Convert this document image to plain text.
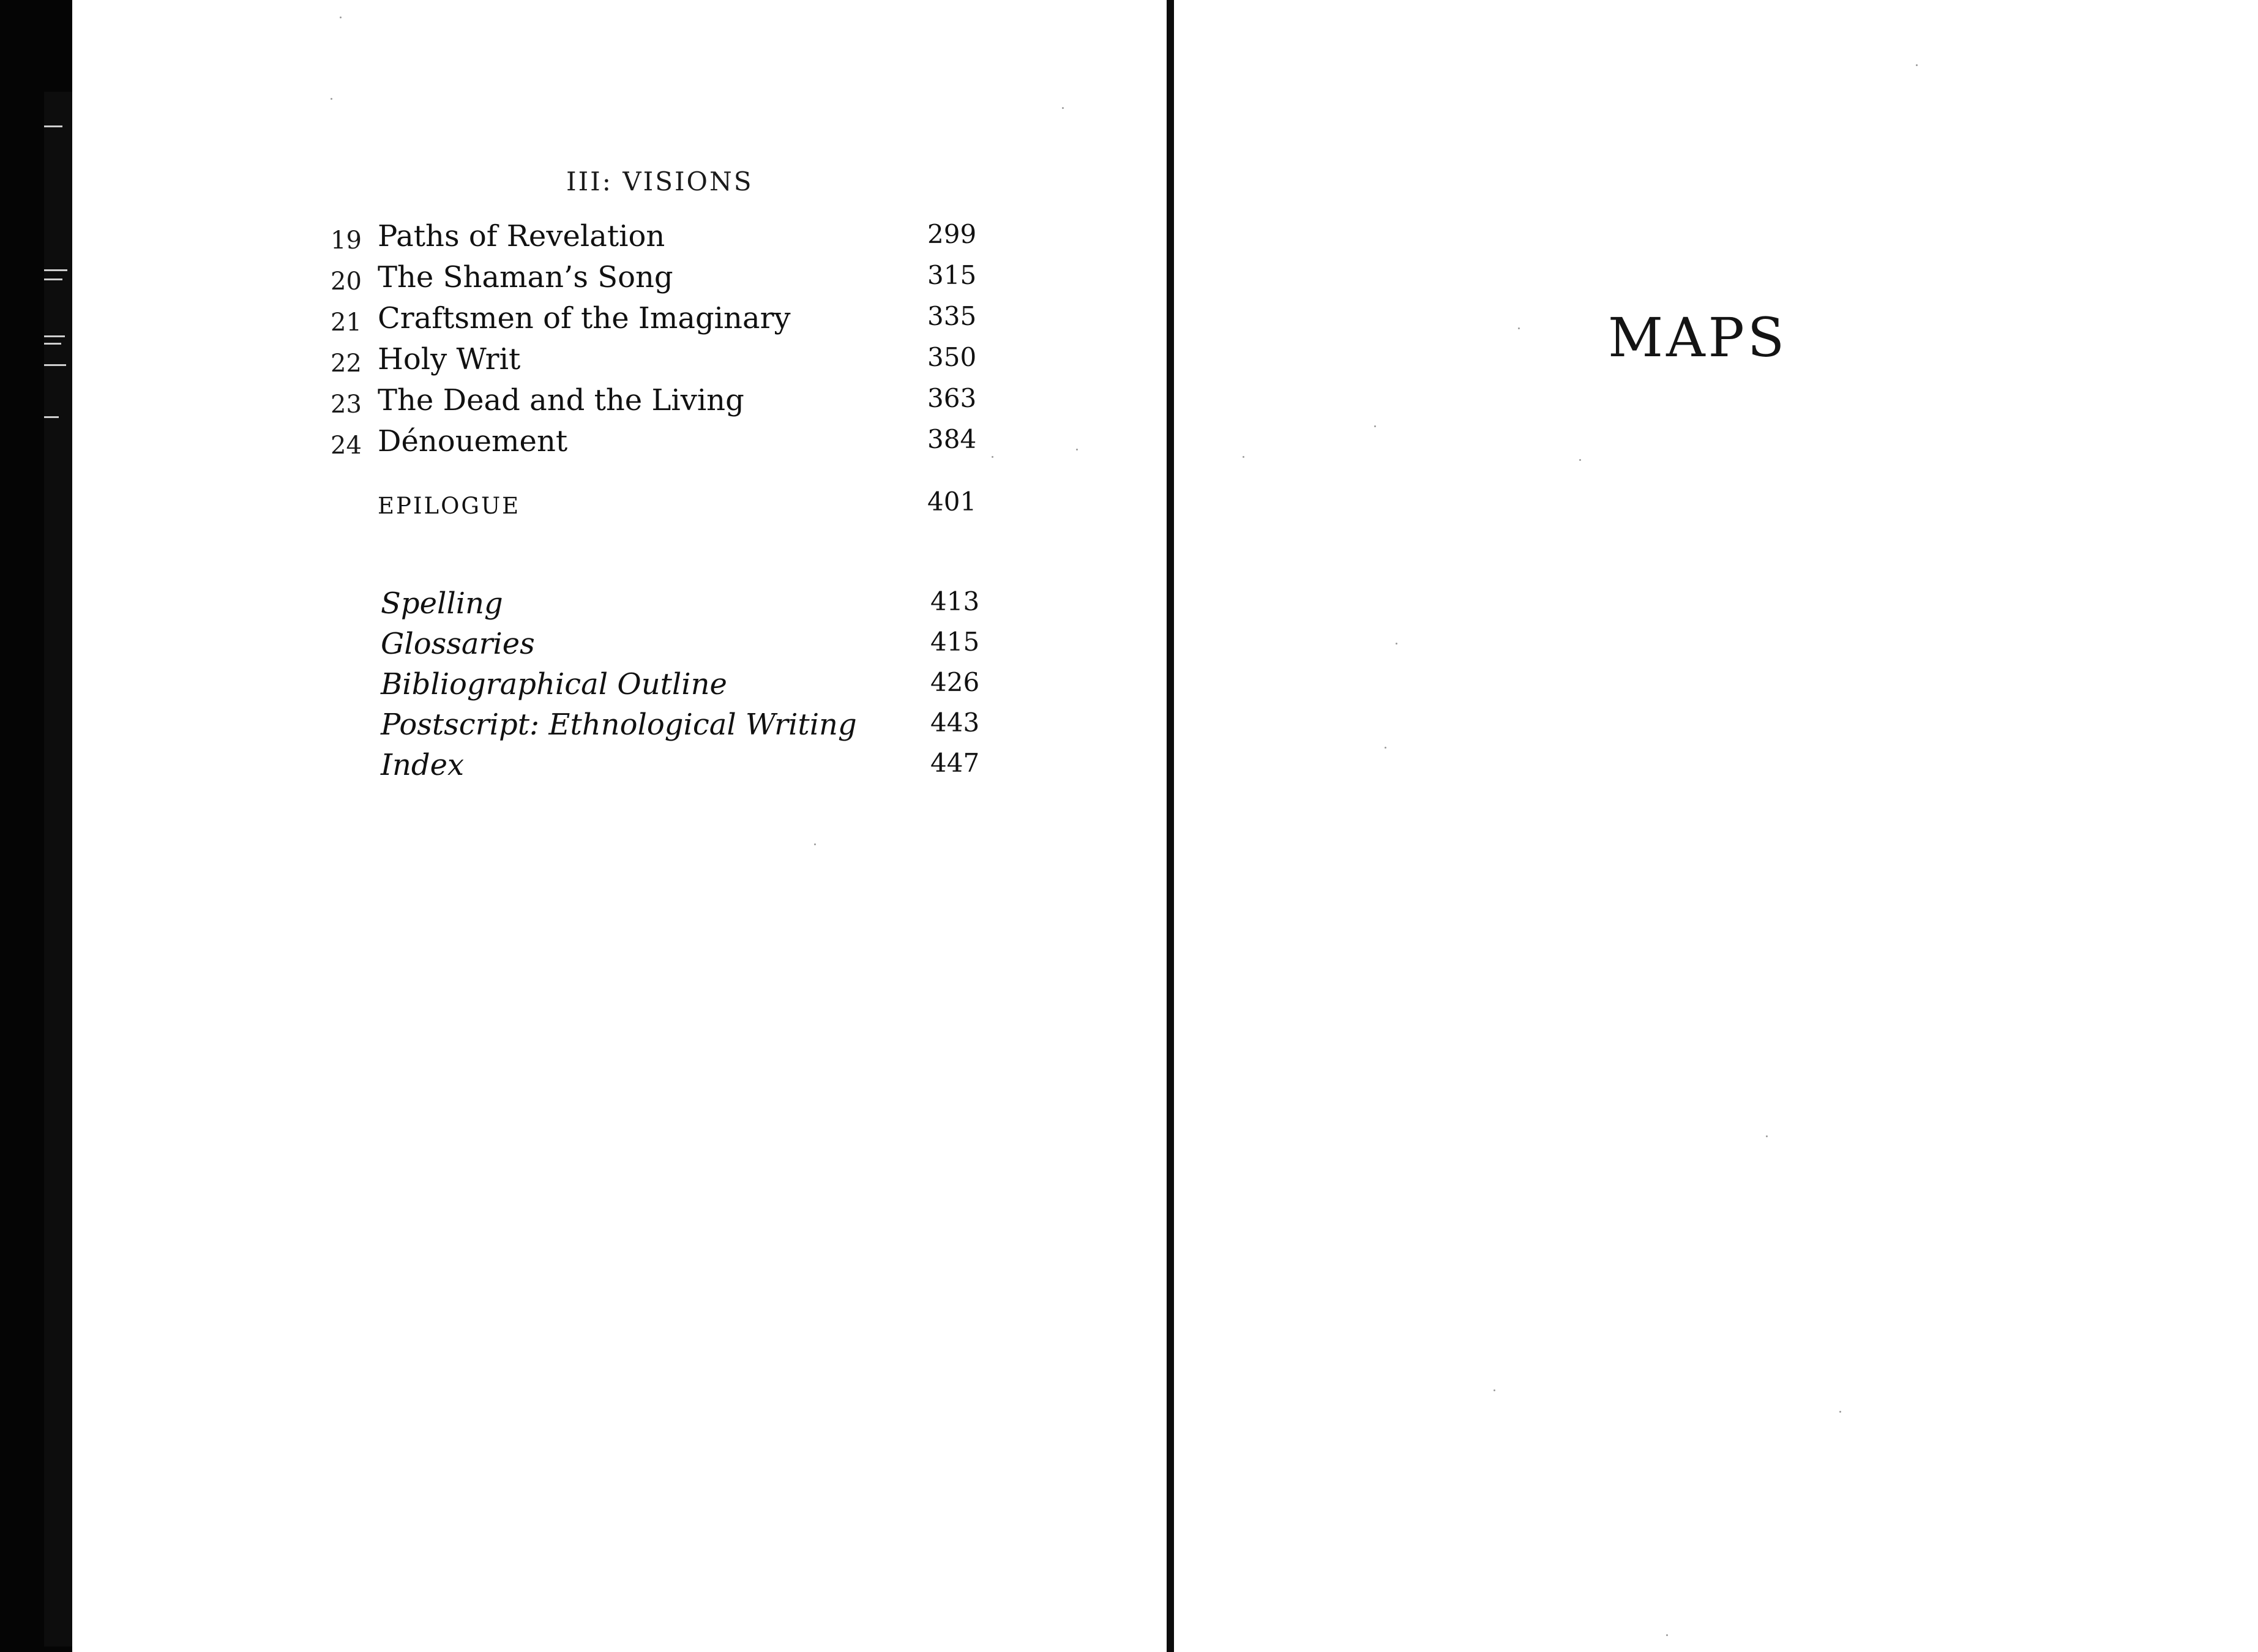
III: VISIONS
19 Paths of Revelation	299
20 The Shaman’s Song	315
21 Craftsmen of the Imaginary	335
22 Holy Writ	350
23 The Dead and the Living	363
24 Dénouement	384
EPILOGUE	401
Spelling	413
Glossaries	415
Bibliographical Outline	426
Postscript: Ethnological Writing	443
Index	447
MAPS
